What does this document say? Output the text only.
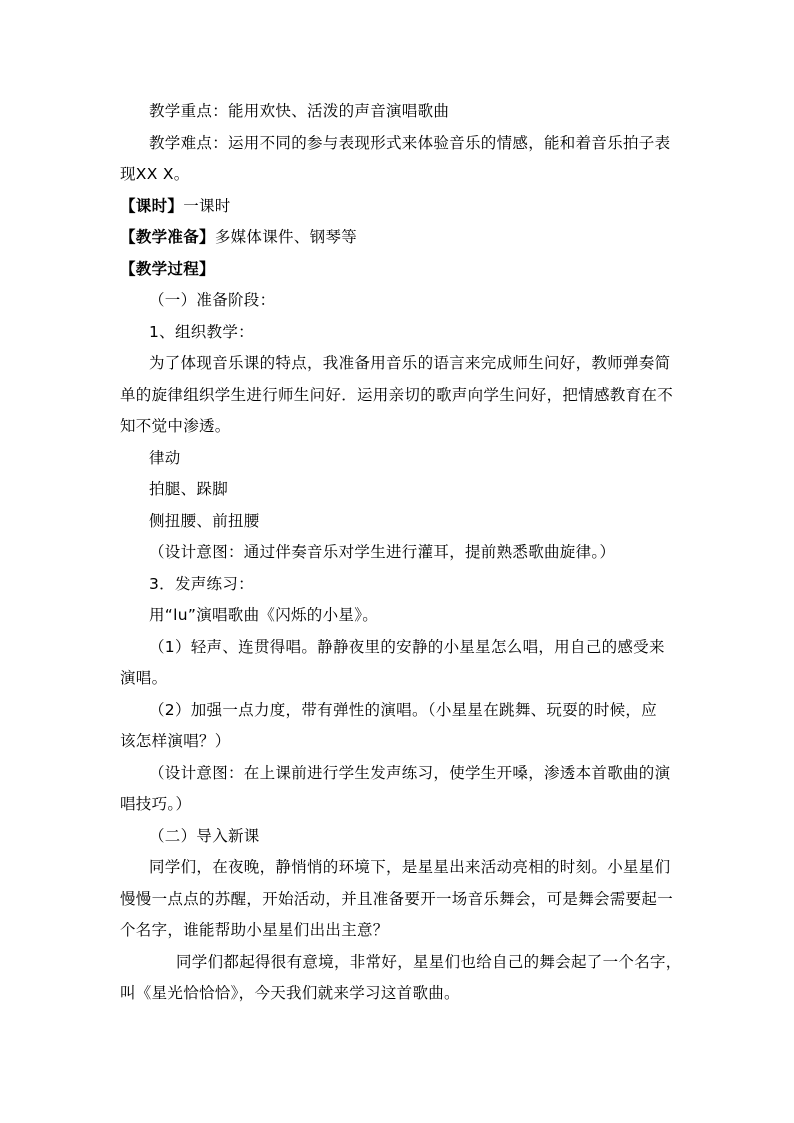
教学重点：能用欢快、活泼的声音演唱歌曲
教学难点：运用不同的参与表现形式来体验音乐的情感，能和着音乐拍子表
现XX X。
【课时】一课时
【教学准备】多媒体课件、钢琴等
【教学过程】
（一）准备阶段：
1、组织教学：
为了体现音乐课的特点，我准备用音乐的语言来完成师生问好，教师弹奏简
单的旋律组织学生进行师生问好．运用亲切的歌声向学生问好，把情感教育在不
知不觉中渗透。
律动
拍腿、跺脚
侧扭腰、前扭腰
（设计意图：通过伴奏音乐对学生进行灌耳，提前熟悉歌曲旋律。）
3．发声练习：
用“lu”演唱歌曲《闪烁的小星》。
（1）轻声、连贯得唱。静静夜里的安静的小星星怎么唱，用自己的感受来
演唱。
（2）加强一点力度，带有弹性的演唱。（小星星在跳舞、玩耍的时候，应
该怎样演唱？）
（设计意图：在上课前进行学生发声练习，使学生开嗓，渗透本首歌曲的演
唱技巧。）
（二）导入新课
同学们，在夜晚，静悄悄的环境下，是星星出来活动亮相的时刻。小星星们
慢慢一点点的苏醒，开始活动，并且准备要开一场音乐舞会，可是舞会需要起一
个名字，谁能帮助小星星们出出主意？
同学们都起得很有意境，非常好，星星们也给自己的舞会起了一个名字，
叫《星光恰恰恰》，今天我们就来学习这首歌曲。
